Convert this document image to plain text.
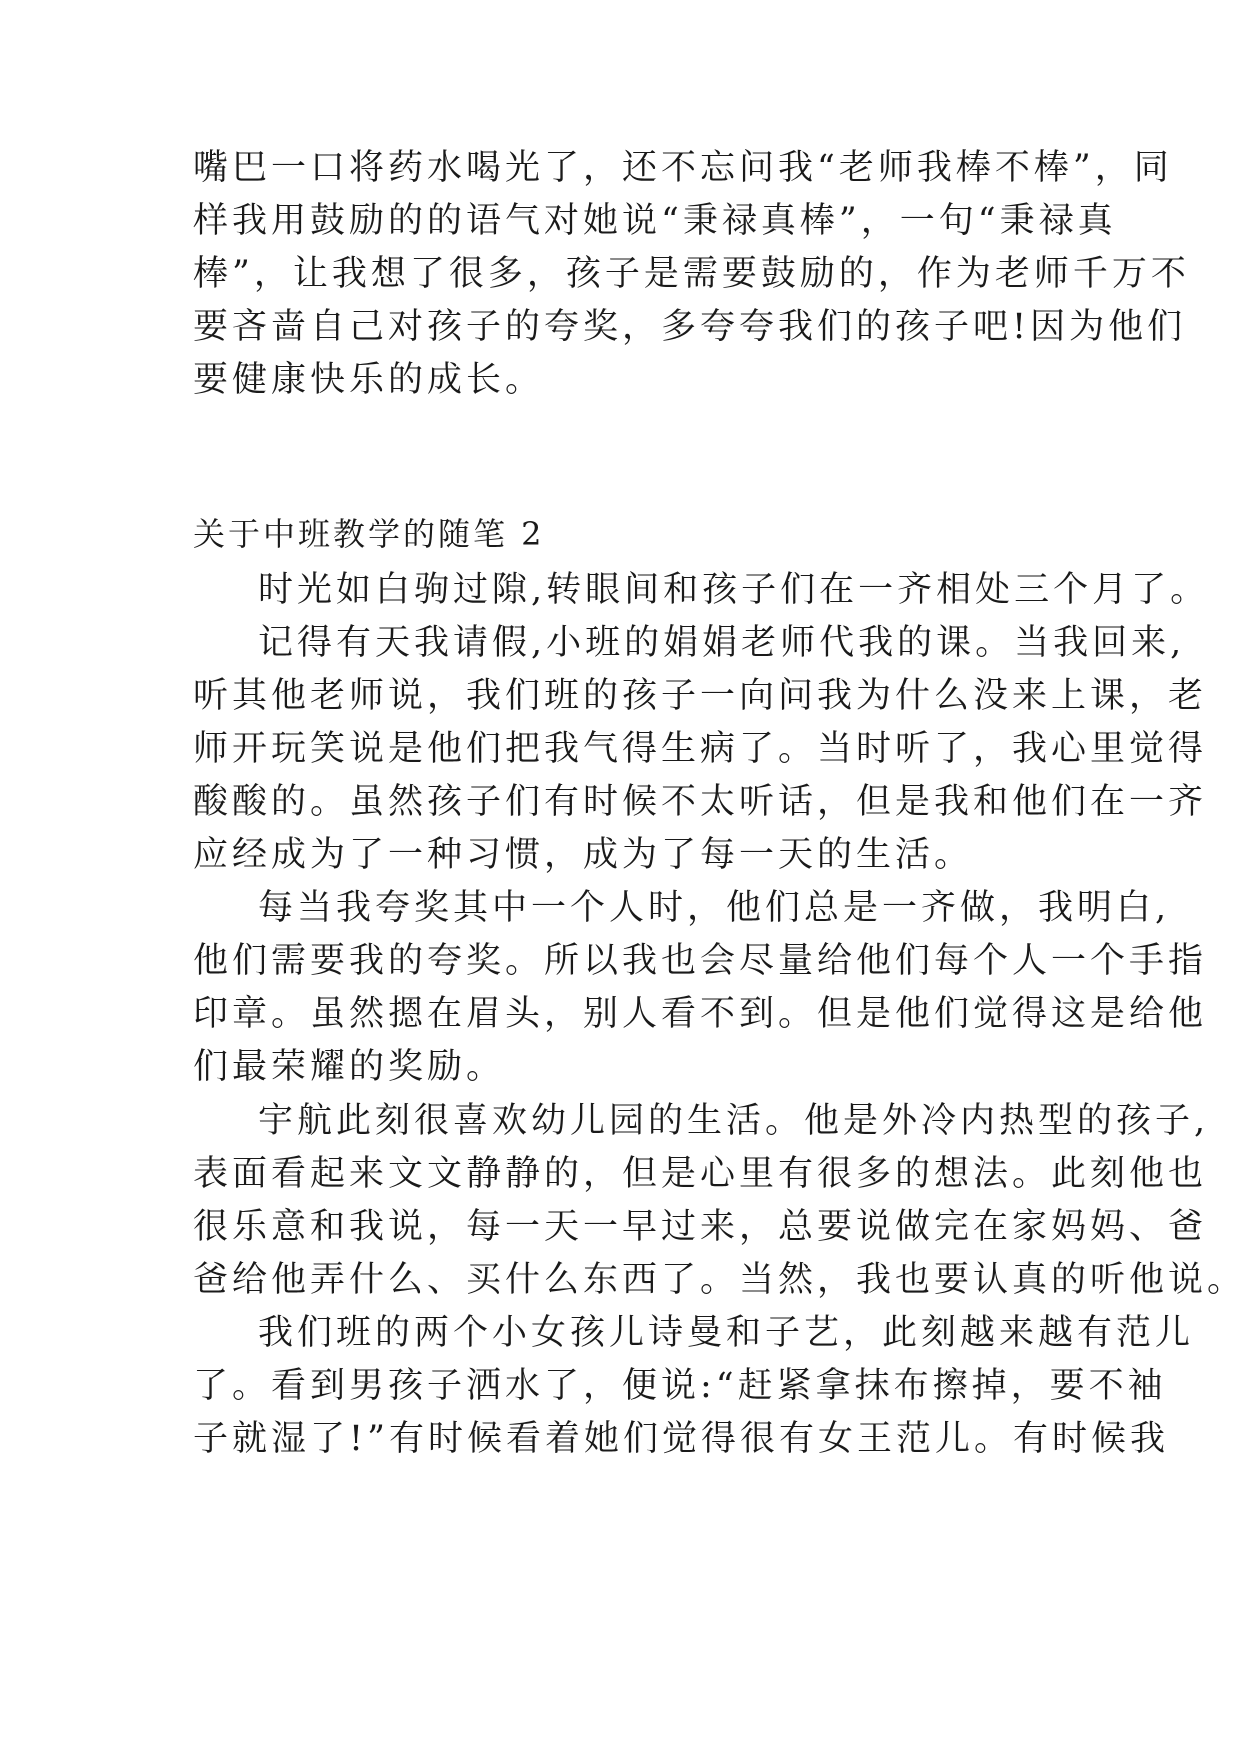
嘴巴一口将药水喝光了，还不忘问我“老师我棒不棒”，同
样我用鼓励的的语气对她说“秉禄真棒”，一句“秉禄真
棒”，让我想了很多，孩子是需要鼓励的，作为老师千万不
要吝啬自己对孩子的夸奖，多夸夸我们的孩子吧!因为他们
要健康快乐的成长。
关于中班教学的随笔 2
时光如白驹过隙,转眼间和孩子们在一齐相处三个月了。
记得有天我请假,小班的娟娟老师代我的课。当我回来,
听其他老师说，我们班的孩子一向问我为什么没来上课，老
师开玩笑说是他们把我气得生病了。当时听了，我心里觉得
酸酸的。虽然孩子们有时候不太听话，但是我和他们在一齐
应经成为了一种习惯，成为了每一天的生活。
每当我夸奖其中一个人时，他们总是一齐做，我明白,
他们需要我的夸奖。所以我也会尽量给他们每个人一个手指
印章。虽然摁在眉头，别人看不到。但是他们觉得这是给他
们最荣耀的奖励。
宇航此刻很喜欢幼儿园的生活。他是外冷内热型的孩子,
表面看起来文文静静的，但是心里有很多的想法。此刻他也
很乐意和我说，每一天一早过来，总要说做完在家妈妈、爸
爸给他弄什么、买什么东西了。当然，我也要认真的听他说。
我们班的两个小女孩儿诗曼和子艺，此刻越来越有范儿
了。看到男孩子洒水了，便说:“赶紧拿抹布擦掉，要不袖
子就湿了!”有时候看着她们觉得很有女王范儿。有时候我
